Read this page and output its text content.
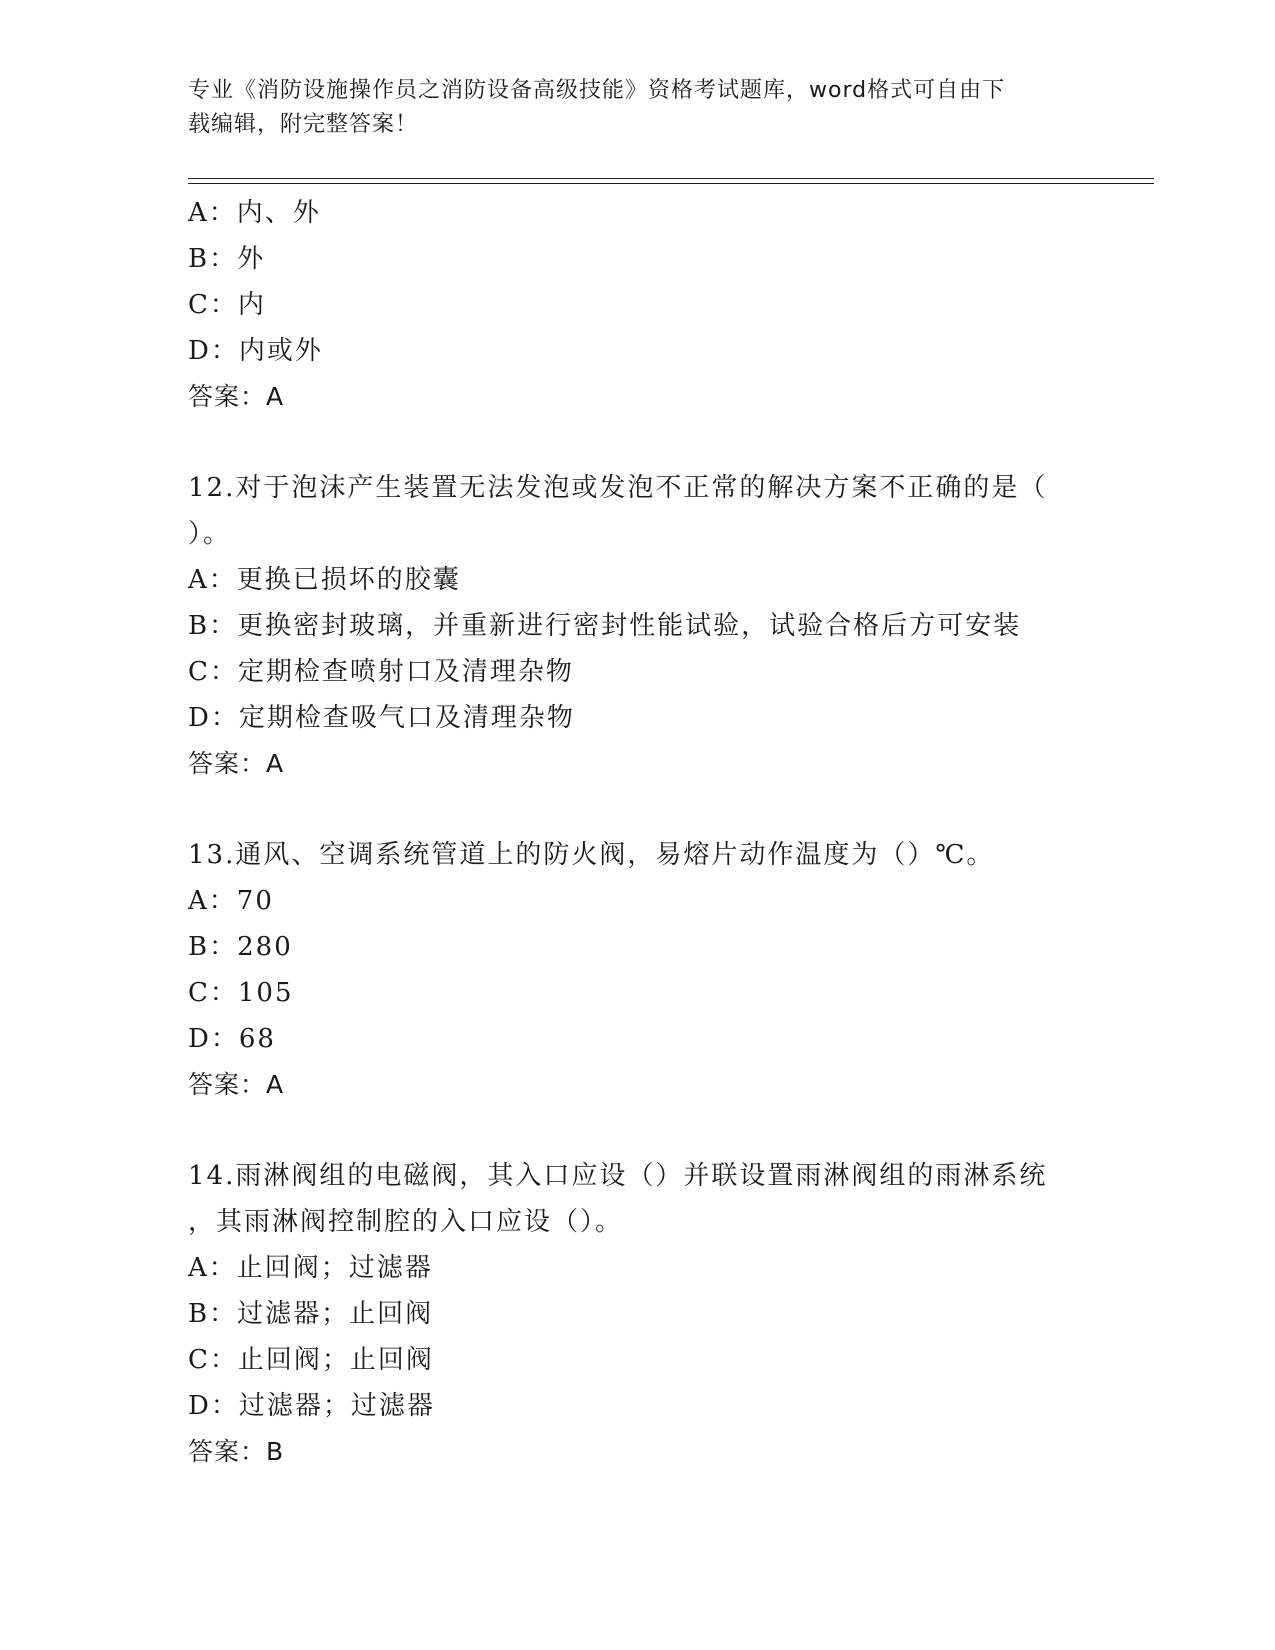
专业《消防设施操作员之消防设备高级技能》资格考试题库，word格式可自由下
载编辑，附完整答案！
A：内、外
B：外
C：内
D：内或外
答案：A
12.对于泡沫产生装置无法发泡或发泡不正常的解决方案不正确的是（
）。
A：更换已损坏的胶囊
B：更换密封玻璃，并重新进行密封性能试验，试验合格后方可安装
C：定期检查喷射口及清理杂物
D：定期检查吸气口及清理杂物
答案：A
13.通风、空调系统管道上的防火阀，易熔片动作温度为（）℃。
A：70
B：280
C：105
D：68
答案：A
14.雨淋阀组的电磁阀，其入口应设（）并联设置雨淋阀组的雨淋系统
，其雨淋阀控制腔的入口应设（）。
A：止回阀；过滤器
B：过滤器；止回阀
C：止回阀；止回阀
D：过滤器；过滤器
答案：B
